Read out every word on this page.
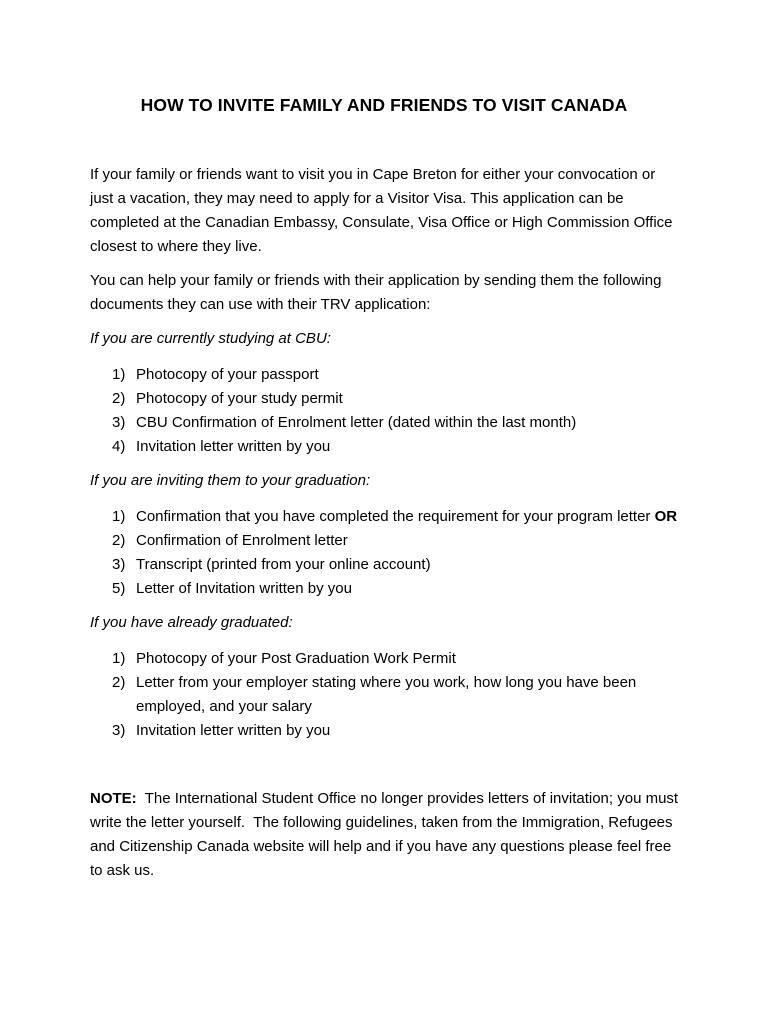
HOW TO INVITE FAMILY AND FRIENDS TO VISIT CANADA

If your family or friends want to visit you in Cape Breton for either your convocation or just a vacation, they may need to apply for a Visitor Visa. This application can be completed at the Canadian Embassy, Consulate, Visa Office or High Commission Office closest to where they live.

You can help your family or friends with their application by sending them the following documents they can use with their TRV application:

If you are currently studying at CBU:

1) Photocopy of your passport
2) Photocopy of your study permit
3) CBU Confirmation of Enrolment letter (dated within the last month)
4) Invitation letter written by you

If you are inviting them to your graduation:

1) Confirmation that you have completed the requirement for your program letter OR
2) Confirmation of Enrolment letter
3) Transcript (printed from your online account)
5) Letter of Invitation written by you

If you have already graduated:

1) Photocopy of your Post Graduation Work Permit
2) Letter from your employer stating where you work, how long you have been employed, and your salary
3) Invitation letter written by you

NOTE:  The International Student Office no longer provides letters of invitation; you must write the letter yourself.  The following guidelines, taken from the Immigration, Refugees and Citizenship Canada website will help and if you have any questions please feel free to ask us.
